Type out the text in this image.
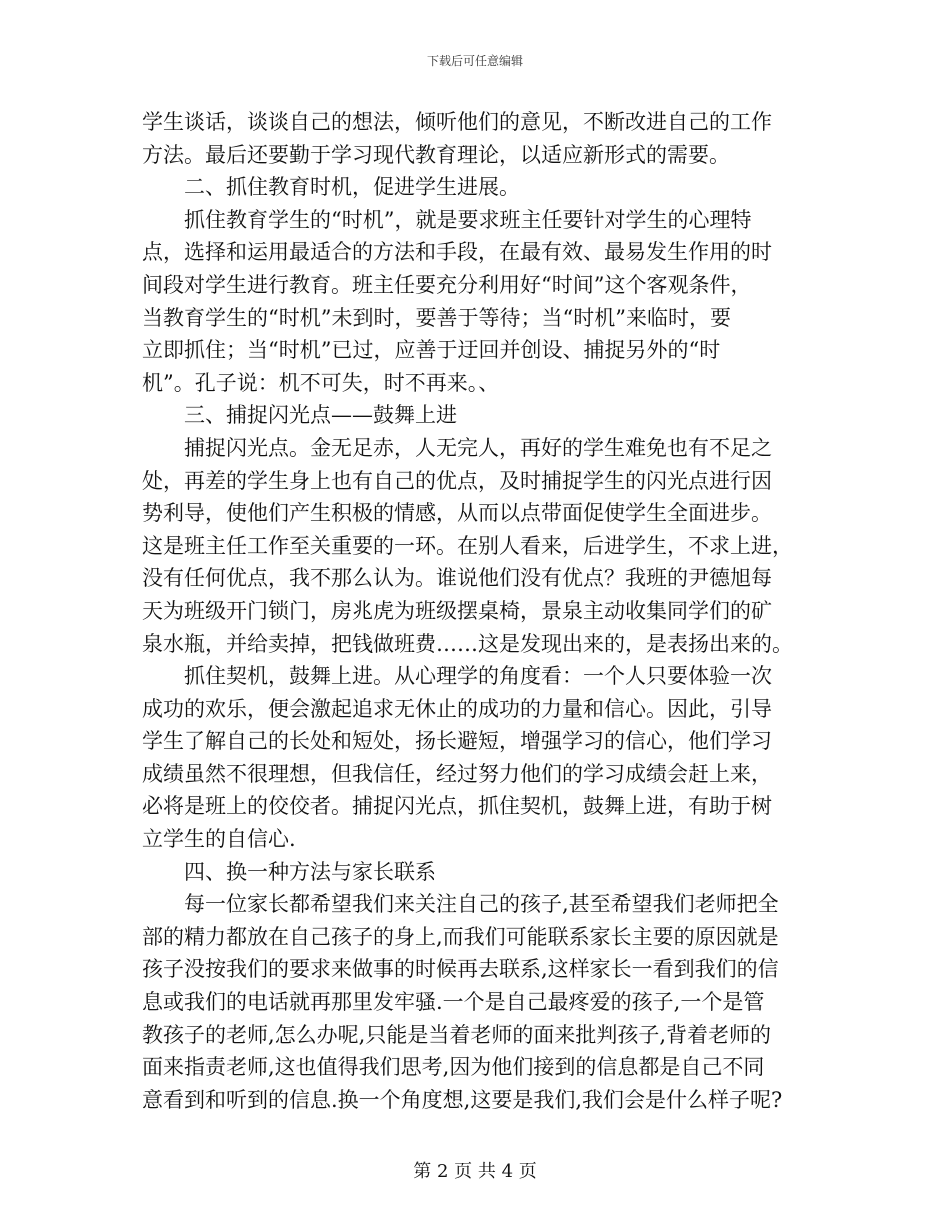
下载后可任意编辑
学生谈话，谈谈自己的想法，倾听他们的意见，不断改进自己的工作
方法。最后还要勤于学习现代教育理论，以适应新形式的需要。
二、抓住教育时机，促进学生进展。
抓住教育学生的“时机”，就是要求班主任要针对学生的心理特
点，选择和运用最适合的方法和手段，在最有效、最易发生作用的时
间段对学生进行教育。班主任要充分利用好“时间”这个客观条件，
当教育学生的“时机”未到时，要善于等待；当“时机”来临时，要
立即抓住；当“时机”已过，应善于迂回并创设、捕捉另外的“时
机”。孔子说：机不可失，时不再来。、
三、捕捉闪光点——鼓舞上进
捕捉闪光点。金无足赤，人无完人，再好的学生难免也有不足之
处，再差的学生身上也有自己的优点，及时捕捉学生的闪光点进行因
势利导，使他们产生积极的情感，从而以点带面促使学生全面进步。
这是班主任工作至关重要的一环。在别人看来，后进学生，不求上进，
没有任何优点，我不那么认为。谁说他们没有优点？我班的尹德旭每
天为班级开门锁门，房兆虎为班级摆桌椅，景泉主动收集同学们的矿
泉水瓶，并给卖掉，把钱做班费……这是发现出来的，是表扬出来的。
抓住契机，鼓舞上进。从心理学的角度看：一个人只要体验一次
成功的欢乐，便会激起追求无休止的成功的力量和信心。因此，引导
学生了解自己的长处和短处，扬长避短，增强学习的信心，他们学习
成绩虽然不很理想，但我信任，经过努力他们的学习成绩会赶上来，
必将是班上的佼佼者。捕捉闪光点，抓住契机，鼓舞上进，有助于树
立学生的自信心.
四、换一种方法与家长联系
每一位家长都希望我们来关注自己的孩子,甚至希望我们老师把全
部的精力都放在自己孩子的身上,而我们可能联系家长主要的原因就是
孩子没按我们的要求来做事的时候再去联系,这样家长一看到我们的信
息或我们的电话就再那里发牢骚.一个是自己最疼爱的孩子,一个是管
教孩子的老师,怎么办呢,只能是当着老师的面来批判孩子,背着老师的
面来指责老师,这也值得我们思考,因为他们接到的信息都是自己不同
意看到和听到的信息.换一个角度想,这要是我们,我们会是什么样子呢?
第 2 页 共 4 页
